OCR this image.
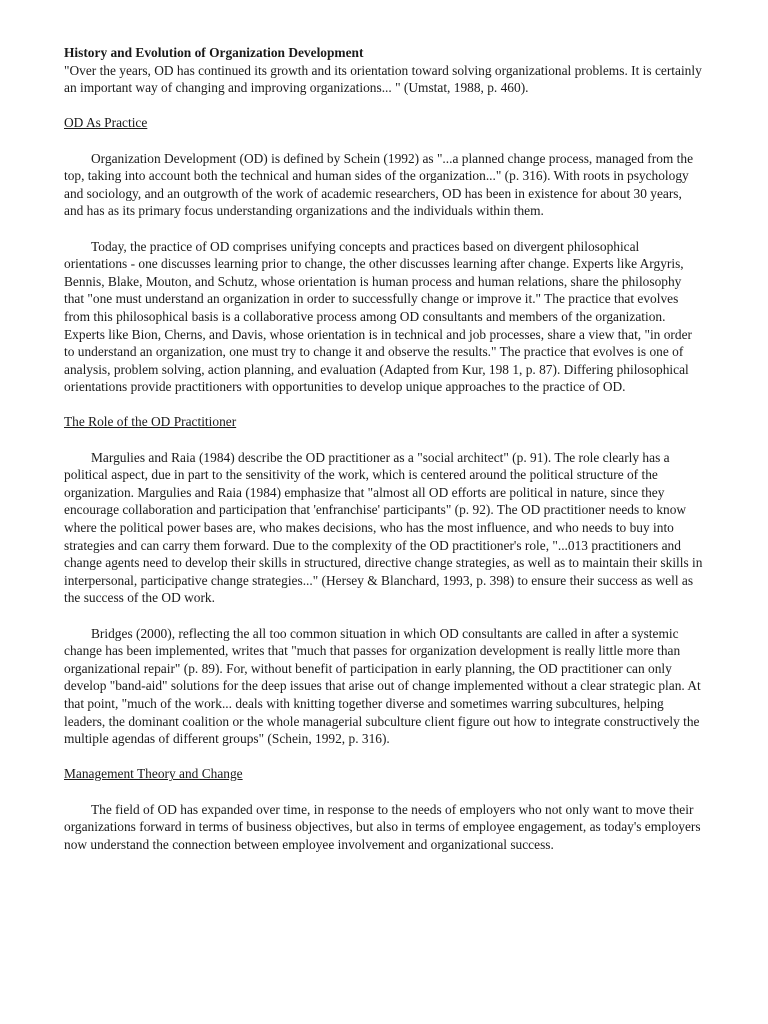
History and Evolution of Organization Development
"Over the years, OD has continued its growth and its orientation toward solving organizational problems. It is certainly an important way of changing and improving organizations... " (Umstat, 1988, p. 460).
OD As Practice
Organization Development (OD) is defined by Schein (1992) as "...a planned change process, managed from the top, taking into account both the technical and human sides of the organization..." (p. 316). With roots in psychology and sociology, and an outgrowth of the work of academic researchers, OD has been in existence for about 30 years, and has as its primary focus understanding organizations and the individuals within them.
Today, the practice of OD comprises unifying concepts and practices based on divergent philosophical orientations - one discusses learning prior to change, the other discusses learning after change. Experts like Argyris, Bennis, Blake, Mouton, and Schutz, whose orientation is human process and human relations, share the philosophy that "one must understand an organization in order to successfully change or improve it." The practice that evolves from this philosophical basis is a collaborative process among OD consultants and members of the organization. Experts like Bion, Cherns, and Davis, whose orientation is in technical and job processes, share a view that, "in order to understand an organization, one must try to change it and observe the results." The practice that evolves is one of analysis, problem solving, action planning, and evaluation (Adapted from Kur, 198 1, p. 87). Differing philosophical orientations provide practitioners with opportunities to develop unique approaches to the practice of OD.
The Role of the OD Practitioner
Margulies and Raia (1984) describe the OD practitioner as a "social architect" (p. 91). The role clearly has a political aspect, due in part to the sensitivity of the work, which is centered around the political structure of the organization. Margulies and Raia (1984) emphasize that "almost all OD efforts are political in nature, since they encourage collaboration and participation that 'enfranchise' participants" (p. 92). The OD practitioner needs to know where the political power bases are, who makes decisions, who has the most influence, and who needs to buy into strategies and can carry them forward. Due to the complexity of the OD practitioner's role, "...013 practitioners and change agents need to develop their skills in structured, directive change strategies, as well as to maintain their skills in interpersonal, participative change strategies..." (Hersey & Blanchard, 1993, p. 398) to ensure their success as well as the success of the OD work.
Bridges (2000), reflecting the all too common situation in which OD consultants are called in after a systemic change has been implemented, writes that "much that passes for organization development is really little more than organizational repair" (p. 89). For, without benefit of participation in early planning, the OD practitioner can only develop "band-aid" solutions for the deep issues that arise out of change implemented without a clear strategic plan. At that point, "much of the work... deals with knitting together diverse and sometimes warring subcultures, helping leaders, the dominant coalition or the whole managerial subculture client figure out how to integrate constructively the multiple agendas of different groups" (Schein, 1992, p. 316).
Management Theory and Change
The field of OD has expanded over time, in response to the needs of employers who not only want to move their organizations forward in terms of business objectives, but also in terms of employee engagement, as today's employers now understand the connection between employee involvement and organizational success.
